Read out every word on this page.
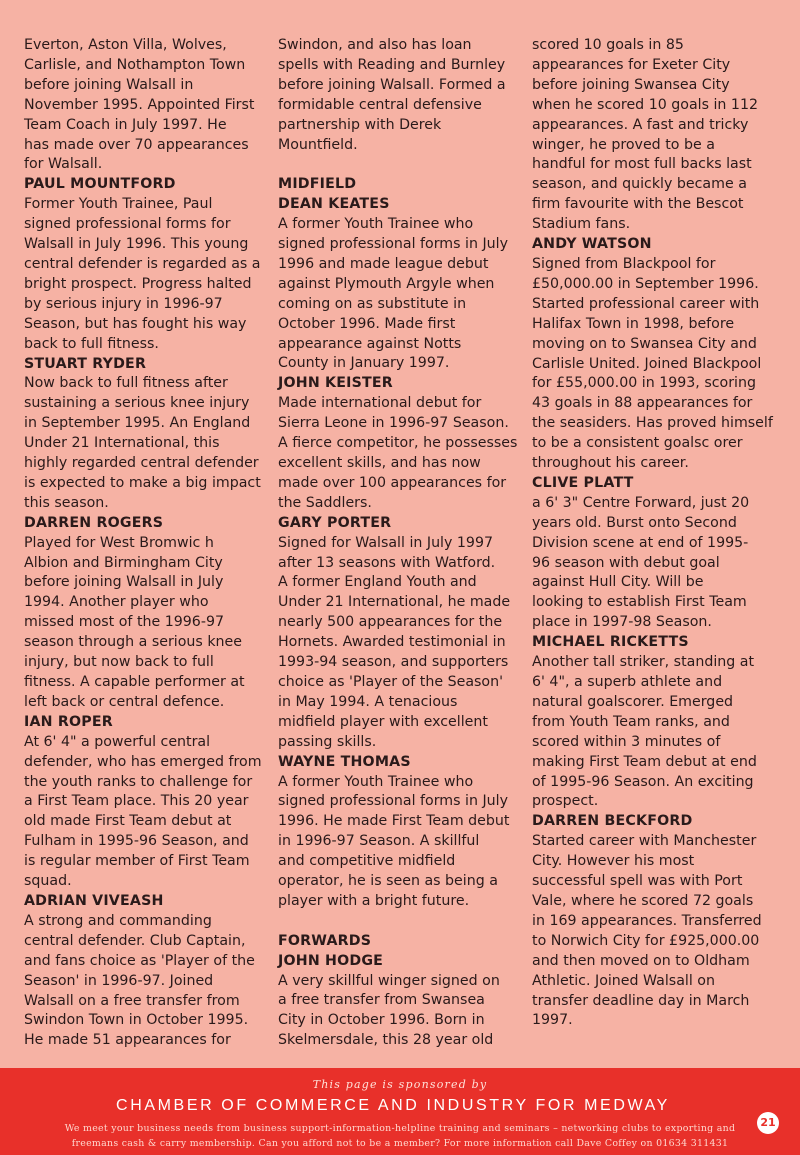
Everton, Aston Villa, Wolves,
Carlisle, and Nothampton Town
before joining Walsall in
November 1995. Appointed First
Team Coach in July 1997. He
has made over 70 appearances
for Walsall.

PAUL MOUNTFORD

Former Youth Trainee, Paul
signed professional forms for
Walsall in July 1996. This young
central defender is regarded as a
bright prospect. Progress halted
by serious injury in 1996-97
Season, but has fought his way
back to full fitness.

STUART RYDER

Now back to full fitness after
sustaining a serious knee injury
in September 1995. An England
Under 21 International, this
highly regarded central defender
is expected to make a big impact
this season.

DARREN ROGERS

Played for West Bromwic h
Albion and Birmingham City
before joining Walsall in July
1994. Another player who
missed most of the 1996-97
season through a serious knee
injury, but now back to full
fitness. A capable performer at
left back or central defence.

IAN ROPER

At 6' 4" a powerful central
defender, who has emerged from
the youth ranks to challenge for
a First Team place. This 20 year
old made First Team debut at
Fulham in 1995-96 Season, and
is regular member of First Team
squad.

ADRIAN VIVEASH

A strong and commanding
central defender. Club Captain,
and fans choice as 'Player of the
Season' in 1996-97. Joined
Walsall on a free transfer from
Swindon Town in October 1995.
He made 51 appearances for

Swindon, and also has loan
spells with Reading and Burnley
before joining Walsall. Formed a
formidable central defensive
partnership with Derek
Mountfield.

MIDFIELD
DEAN KEATES

A former Youth Trainee who
signed professional forms in July
1996 and made league debut
against Plymouth Argyle when
coming on as substitute in
October 1996. Made first
appearance against Notts
County in January 1997.

JOHN KEISTER

Made international debut for
Sierra Leone in 1996-97 Season.
A fierce competitor, he possesses
excellent skills, and has now
made over 100 appearances for
the Saddlers.

GARY PORTER

Signed for Walsall in July 1997
after 13 seasons with Watford.
A former England Youth and
Under 21 International, he made
nearly 500 appearances for the
Hornets. Awarded testimonial in
1993-94 season, and supporters
choice as 'Player of the Season'
in May 1994. A tenacious
midfield player with excellent
passing skills.

WAYNE THOMAS

A former Youth Trainee who
signed professional forms in July
1996. He made First Team debut
in 1996-97 Season. A skillful
and competitive midfield
operator, he is seen as being a
player with a bright future.

FORWARDS
JOHN HODGE

A very skillful winger signed on
a free transfer from Swansea
City in October 1996. Born in
Skelmersdale, this 28 year old

scored 10 goals in 85
appearances for Exeter City
before joining Swansea City
when he scored 10 goals in 112
appearances. A fast and tricky
winger, he proved to be a
handful for most full backs last
season, and quickly became a
firm favourite with the Bescot
Stadium fans.

ANDY WATSON

Signed from Blackpool for
£50,000.00 in September 1996.
Started professional career with
Halifax Town in 1998, before
moving on to Swansea City and
Carlisle United. Joined Blackpool
for £55,000.00 in 1993, scoring
43 goals in 88 appearances for
the seasiders. Has proved himself
to be a consistent goalsc orer
throughout his career.

CLIVE PLATT

a 6' 3" Centre Forward, just 20
years old. Burst onto Second
Division scene at end of 1995-
96 season with debut goal
against Hull City. Will be
looking to establish First Team
place in 1997-98 Season.

MICHAEL RICKETTS

Another tall striker, standing at
6' 4", a superb athlete and
natural goalscorer. Emerged
from Youth Team ranks, and
scored within 3 minutes of
making First Team debut at end
of 1995-96 Season. An exciting
prospect.

DARREN BECKFORD

Started career with Manchester
City. However his most
successful spell was with Port
Vale, where he scored 72 goals
in 169 appearances. Transferred
to Norwich City for £925,000.00
and then moved on to Oldham
Athletic. Joined Walsall on
transfer deadline day in March
1997.

This page is sponsored by
CHAMBER OF COMMERCE AND INDUSTRY FOR MEDWAY
We meet your business needs from business support-information-helpline training and seminars – networking clubs to exporting and freemans cash & carry membership. Can you afford not to be a member? For more information call Dave Coffey on 01634 311431
21
